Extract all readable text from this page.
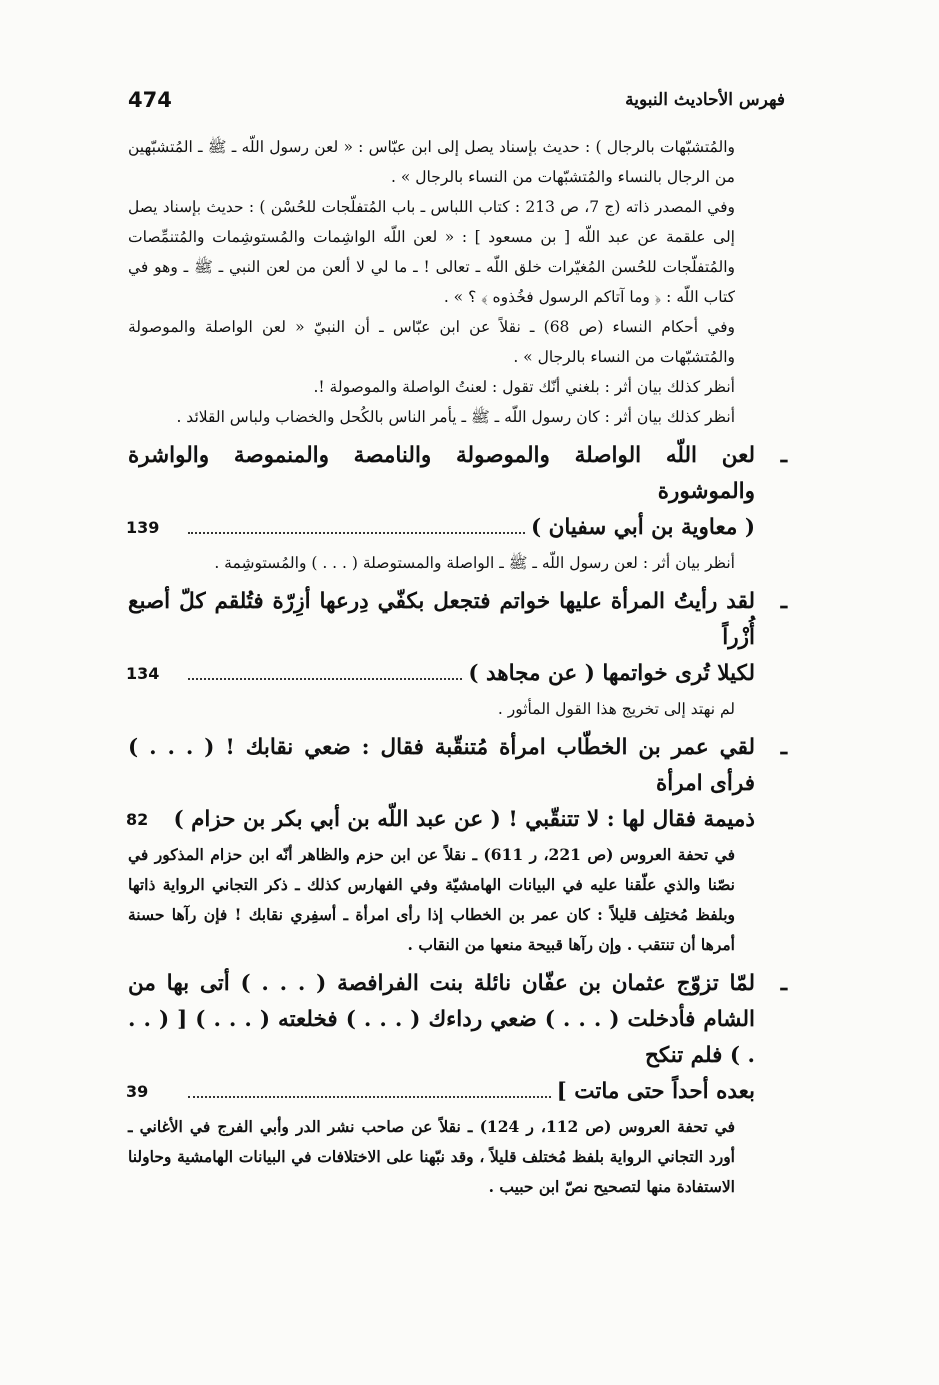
474	فهرس الأحاديث النبوية

والمُتشبّهات بالرجال ) : حديث بإسناد يصل إلى ابن عبّاس : « لعن رسول اللّه ـ ﷺ ـ المُتشبّهين من الرجال بالنساء والمُتشبّهات من النساء بالرجال » .

وفي المصدر ذاته (ج 7، ص 213 : كتاب اللباس ـ باب المُتفلّجات للحُسْن ) : حديث بإسناد يصل إلى علقمة عن عبد اللّه [ بن مسعود ] : « لعن اللّه الواشِمات والمُستوشِمات والمُتنمِّصات والمُتفلّجات للحُسن المُغيّرات خلق اللّه ـ تعالى ! ـ ما لي لا ألعن من لعن النبي ـ ﷺ ـ وهو في كتاب اللّه : ﴿ وما آتاكم الرسول فخُذوه ﴾ ؟ » .

وفي أحكام النساء (ص 68) ـ نقلاً عن ابن عبّاس ـ أن النبيّ « لعن الواصلة والموصولة والمُتشبّهات من النساء بالرجال » .

أنظر كذلك بيان أثر : بلغني أنّك تقول : لعنتُ الواصلة والموصولة !.

أنظر كذلك بيان أثر : كان رسول اللّه ـ ﷺ ـ يأمر الناس بالكُحل والخضاب ولباس القلائد .

ـ
لعن اللّه الواصلة والموصولة والنامصة والمنموصة والواشرة والموشورة
( معاوية بن أبي سفيان )
139

أنظر بيان أثر : لعن رسول اللّه ـ ﷺ ـ الواصلة والمستوصلة ( . . . ) والمُستوشِمة .

ـ
لقد رأيتُ المرأة عليها خواتم فتجعل بكفّي دِرعها أزِرّة فتُلقم كلّ أصبع أُزْراً
لكيلا تُرى خواتمها ( عن مجاهد )
134

لم نهتد إلى تخريج هذا القول المأثور .

ـ
لقي عمر بن الخطّاب امرأة مُتنقّبة فقال : ضعي نقابك ! ( . . . ) فرأى امرأة
ذميمة فقال لها : لا تتنقّبي ! ( عن عبد اللّه بن أبي بكر بن حزام )
82

في تحفة العروس (ص 221، ر 611) ـ نقلاً عن ابن حزم والظاهر أنّه ابن حزام المذكور في نصّنا والذي علّقنا عليه في البيانات الهامشيّة وفي الفهارس كذلك ـ ذكر التجاني الرواية ذاتها وبلفظ مُختلِف قليلاً : كان عمر بن الخطاب إذا رأى امرأة ـ أسفِري نقابك ! فإن رآها حسنة أمرها أن تنتقب . وإن رآها قبيحة منعها من النقاب .

ـ
لمّا تزوّج عثمان بن عفّان نائلة بنت الفرافصة ( . . . ) أتى بها من الشام فأدخلت ( . . . ) ضعي رداءك ( . . . ) فخلعته ( . . . ) [ ( . . . ) فلم تنكح
بعده أحداً حتى ماتت ]
39

في تحفة العروس (ص 112، ر 124) ـ نقلاً عن صاحب نشر الدر وأبي الفرج في الأغاني ـ أورد التجاني الرواية بلفظ مُختلف قليلاً ، وقد نبّهنا على الاختلافات في البيانات الهامشية وحاولنا الاستفادة منها لتصحيح نصّ ابن حبيب .
